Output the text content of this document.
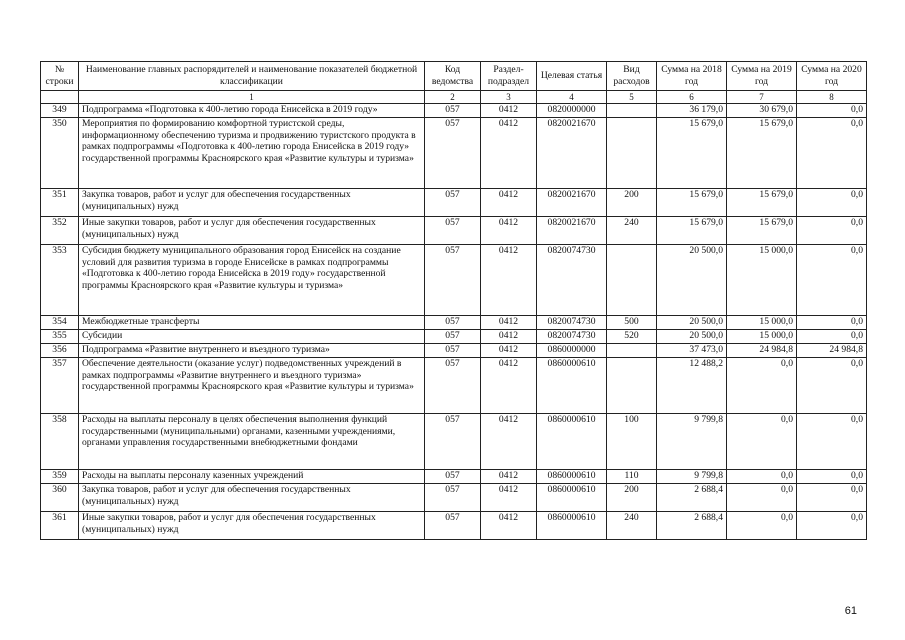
№ строки	Наименование главных распорядителей и наименование показателей бюджетной классификации	Код ведомства	Раздел-подраздел	Целевая статья	Вид расходов	Сумма на 2018 год	Сумма на 2019 год	Сумма на 2020 год
	1	2	3	4	5	6	7	8
349	Подпрограмма «Подготовка к 400-летию города Енисейска в 2019 году»	057	0412	0820000000		36 179,0	30 679,0	0,0
350	Мероприятия по формированию комфортной туристской среды, информационному обеспечению туризма и продвижению туристского продукта в рамках подпрограммы «Подготовка к 400-летию города Енисейска в 2019 году» государственной программы Красноярского края «Развитие культуры и туризма»	057	0412	0820021670		15 679,0	15 679,0	0,0
351	Закупка товаров, работ и услуг для обеспечения государственных (муниципальных) нужд	057	0412	0820021670	200	15 679,0	15 679,0	0,0
352	Иные закупки товаров, работ и услуг для обеспечения государственных (муниципальных) нужд	057	0412	0820021670	240	15 679,0	15 679,0	0,0
353	Субсидия бюджету муниципального образования город Енисейск на создание условий для развития туризма в городе Енисейске в рамках подпрограммы «Подготовка к 400-летию города Енисейска в 2019 году» государственной программы Красноярского края «Развитие культуры и туризма»	057	0412	0820074730		20 500,0	15 000,0	0,0
354	Межбюджетные трансферты	057	0412	0820074730	500	20 500,0	15 000,0	0,0
355	Субсидии	057	0412	0820074730	520	20 500,0	15 000,0	0,0
356	Подпрограмма «Развитие внутреннего и въездного туризма»	057	0412	0860000000		37 473,0	24 984,8	24 984,8
357	Обеспечение деятельности (оказание услуг) подведомственных учреждений в рамках подпрограммы «Развитие внутреннего и въездного туризма» государственной программы Красноярского края «Развитие культуры и туризма»	057	0412	0860000610		12 488,2	0,0	0,0
358	Расходы на выплаты персоналу в целях обеспечения выполнения функций государственными (муниципальными) органами, казенными учреждениями, органами управления государственными внебюджетными фондами	057	0412	0860000610	100	9 799,8	0,0	0,0
359	Расходы на выплаты персоналу казенных учреждений	057	0412	0860000610	110	9 799,8	0,0	0,0
360	Закупка товаров, работ и услуг для обеспечения государственных (муниципальных) нужд	057	0412	0860000610	200	2 688,4	0,0	0,0
361	Иные закупки товаров, работ и услуг для обеспечения государственных (муниципальных) нужд	057	0412	0860000610	240	2 688,4	0,0	0,0
61
